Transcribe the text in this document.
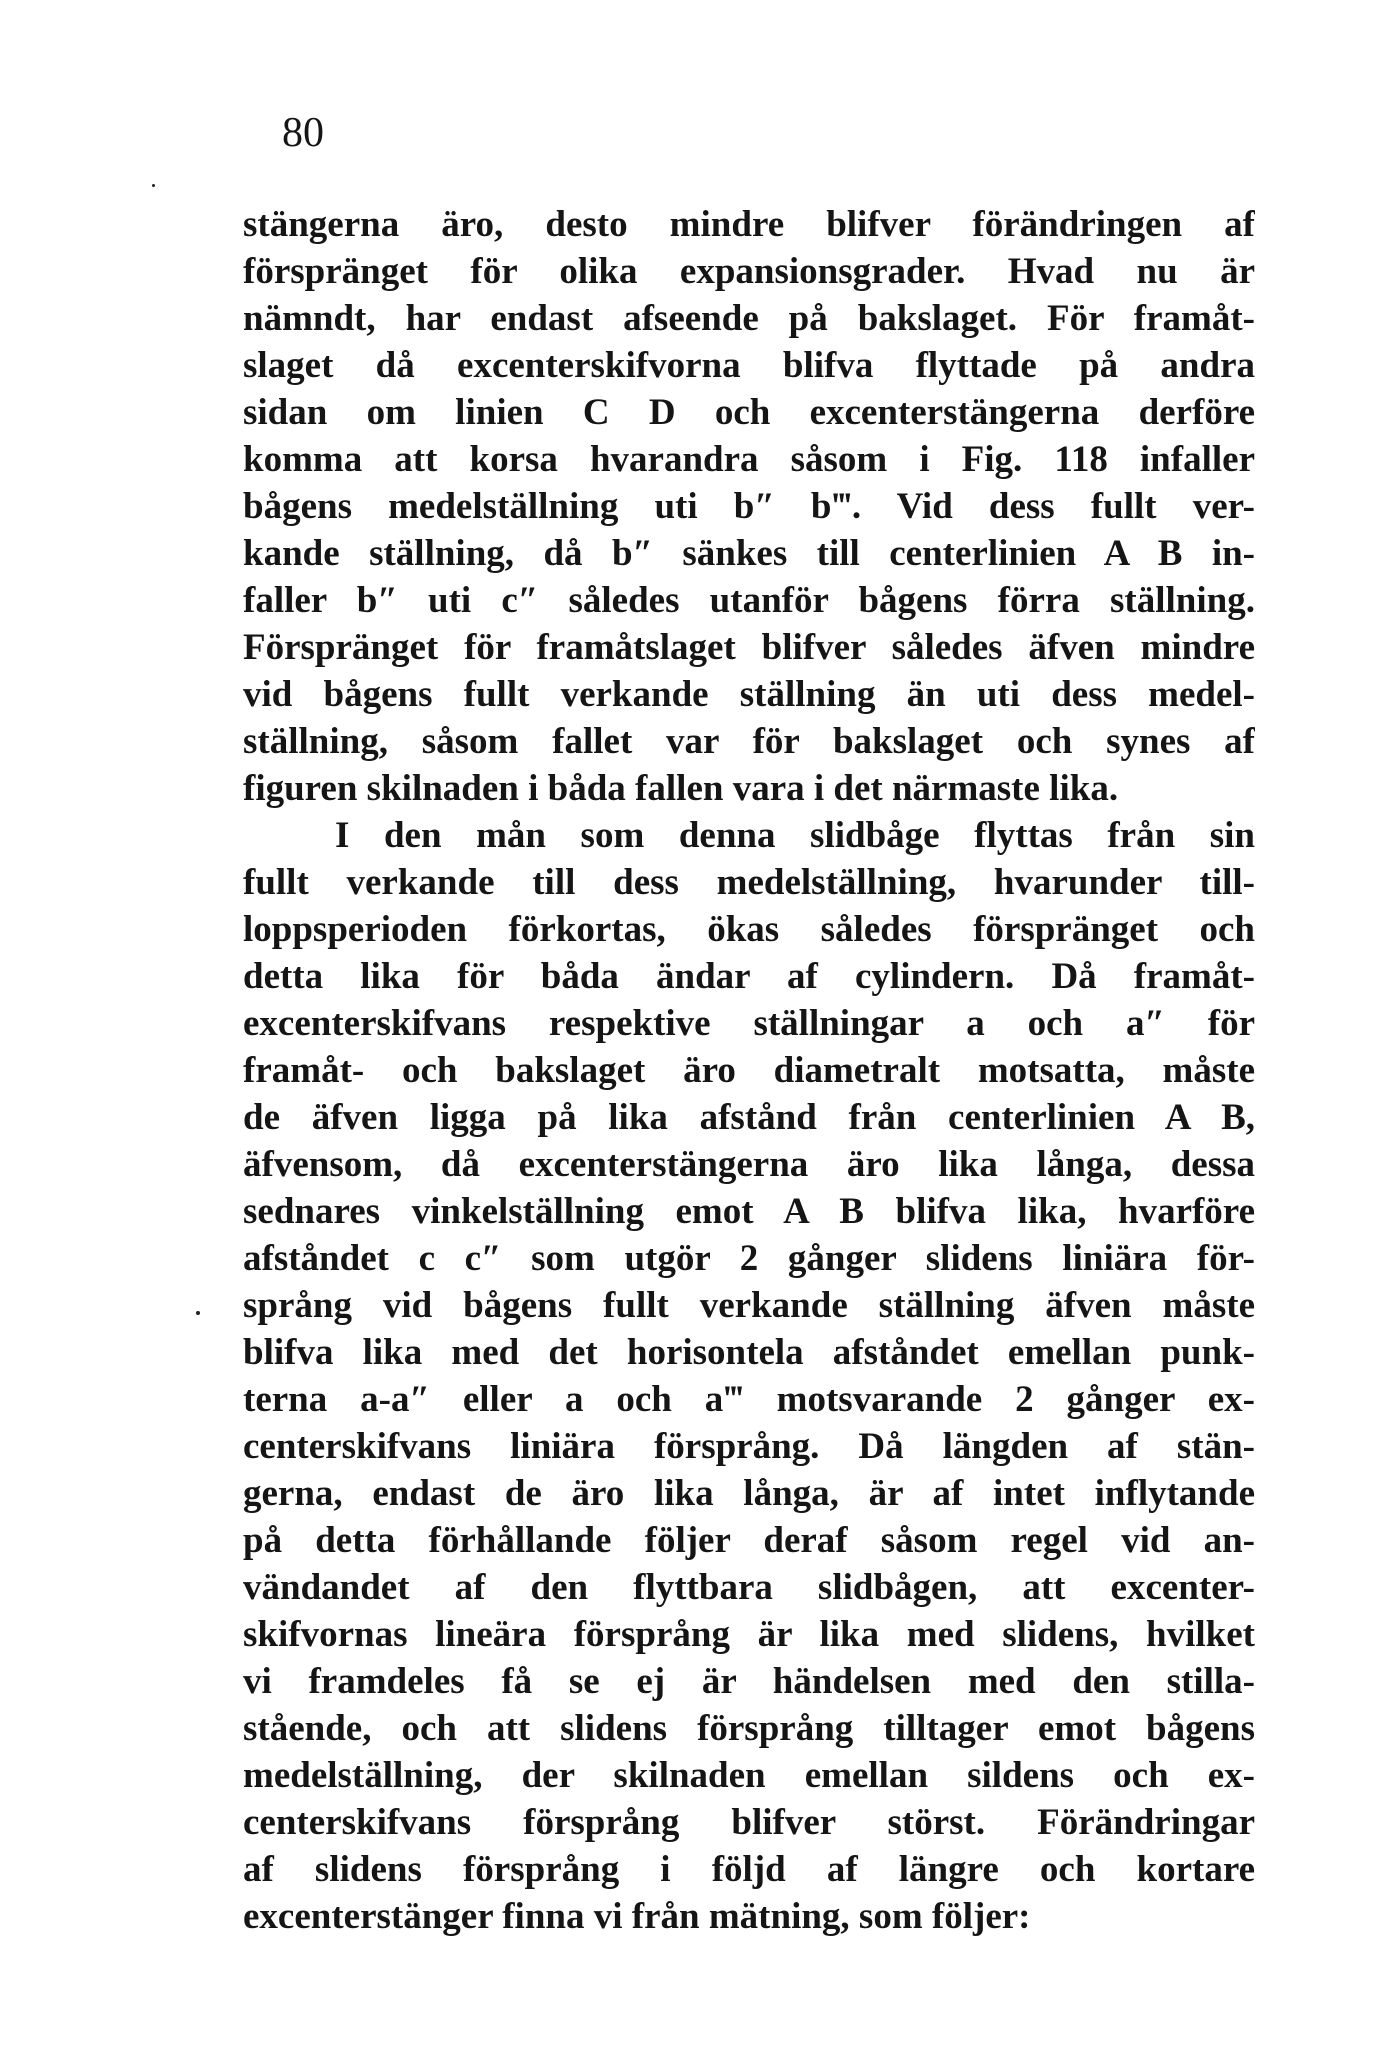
80
stängerna äro, desto mindre blifver förändringen af
förspränget för olika expansionsgrader. Hvad nu är
nämndt, har endast afseende på bakslaget. För framåt-
slaget då excenterskifvorna blifva flyttade på andra
sidan om linien C D och excenterstängerna derföre
komma att korsa hvarandra såsom i Fig. 118 infaller
bågens medelställning uti b″ b‴. Vid dess fullt ver-
kande ställning, då b″ sänkes till centerlinien A B in-
faller b″ uti c″ således utanför bågens förra ställning.
Förspränget för framåtslaget blifver således äfven mindre
vid bågens fullt verkande ställning än uti dess medel-
ställning, såsom fallet var för bakslaget och synes af
figuren skilnaden i båda fallen vara i det närmaste lika.
I den mån som denna slidbåge flyttas från sin
fullt verkande till dess medelställning, hvarunder till-
loppsperioden förkortas, ökas således förspränget och
detta lika för båda ändar af cylindern. Då framåt-
excenterskifvans respektive ställningar a och a″ för
framåt- och bakslaget äro diametralt motsatta, måste
de äfven ligga på lika afstånd från centerlinien A B,
äfvensom, då excenterstängerna äro lika långa, dessa
sednares vinkelställning emot A B blifva lika, hvarföre
afståndet c c″ som utgör 2 gånger slidens liniära för-
språng vid bågens fullt verkande ställning äfven måste
blifva lika med det horisontela afståndet emellan punk-
terna a-a″ eller a och a‴ motsvarande 2 gånger ex-
centerskifvans liniära försprång. Då längden af stän-
gerna, endast de äro lika långa, är af intet inflytande
på detta förhållande följer deraf såsom regel vid an-
vändandet af den flyttbara slidbågen, att excenter-
skifvornas lineära försprång är lika med slidens, hvilket
vi framdeles få se ej är händelsen med den stilla-
stående, och att slidens försprång tilltager emot bågens
medelställning, der skilnaden emellan sildens och ex-
centerskifvans försprång blifver störst. Förändringar
af slidens försprång i följd af längre och kortare
excenterstänger finna vi från mätning, som följer:
